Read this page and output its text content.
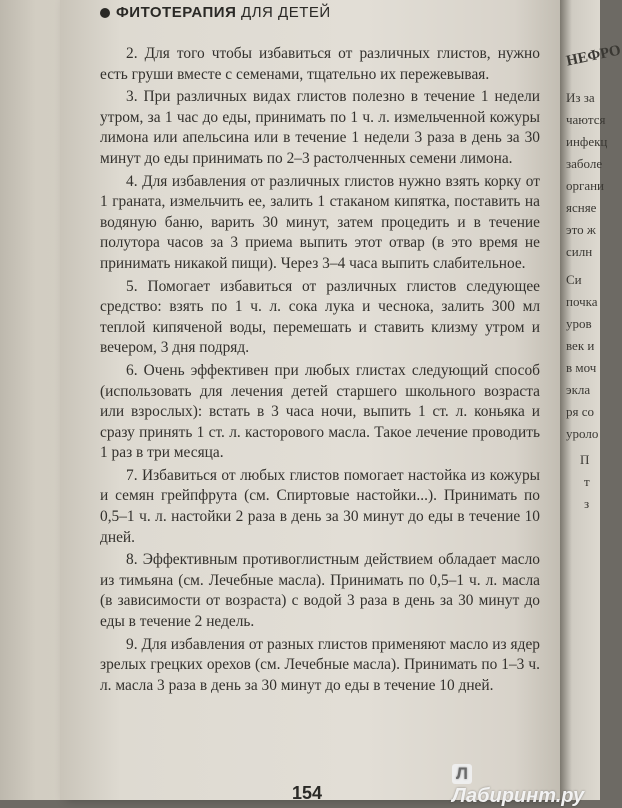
НЕФРО
Из за
чаются
инфекц
заболе
органи
ясняе
это ж
силн
Си
почка
уров
век и
в моч
экла
ря со
уроло
П
т
з
ФИТОТЕРАПИЯ ДЛЯ ДЕТЕЙ

2. Для того чтобы избавиться от различных глистов, нужно есть груши вместе с семенами, тщательно их пережевывая.

3. При различных видах глистов полезно в течение 1 недели утром, за 1 час до еды, принимать по 1 ч. л. измельченной кожуры лимона или апельсина или в течение 1 недели 3 раза в день за 30 минут до еды принимать по 2–3 растолченных семени лимона.

4. Для избавления от различных глистов нужно взять корку от 1 граната, измельчить ее, залить 1 стаканом кипятка, поставить на водяную баню, варить 30 минут, затем процедить и в течение полутора часов за 3 приема выпить этот отвар (в это время не принимать никакой пищи). Через 3–4 часа выпить слабительное.

5. Помогает избавиться от различных глистов следующее средство: взять по 1 ч. л. сока лука и чеснока, залить 300 мл теплой кипяченой воды, перемешать и ставить клизму утром и вечером, 3 дня подряд.

6. Очень эффективен при любых глистах следующий способ (использовать для лечения детей старшего школьного возраста или взрослых): встать в 3 часа ночи, выпить 1 ст. л. коньяка и сразу принять 1 ст. л. касторового масла. Такое лечение проводить 1 раз в три месяца.

7. Избавиться от любых глистов помогает настойка из кожуры и семян грейпфрута (см. Спиртовые настойки...). Принимать по 0,5–1 ч. л. настойки 2 раза в день за 30 минут до еды в течение 10 дней.

8. Эффективным противоглистным действием обладает масло из тимьяна (см. Лечебные масла). Принимать по 0,5–1 ч. л. масла (в зависимости от возраста) с водой 3 раза в день за 30 минут до еды в течение 2 недель.

9. Для избавления от разных глистов применяют масло из ядер зрелых грецких орехов (см. Лечебные масла). Принимать по 1–3 ч. л. масла 3 раза в день за 30 минут до еды в течение 10 дней.

ЛЛабиринт.ру
154
